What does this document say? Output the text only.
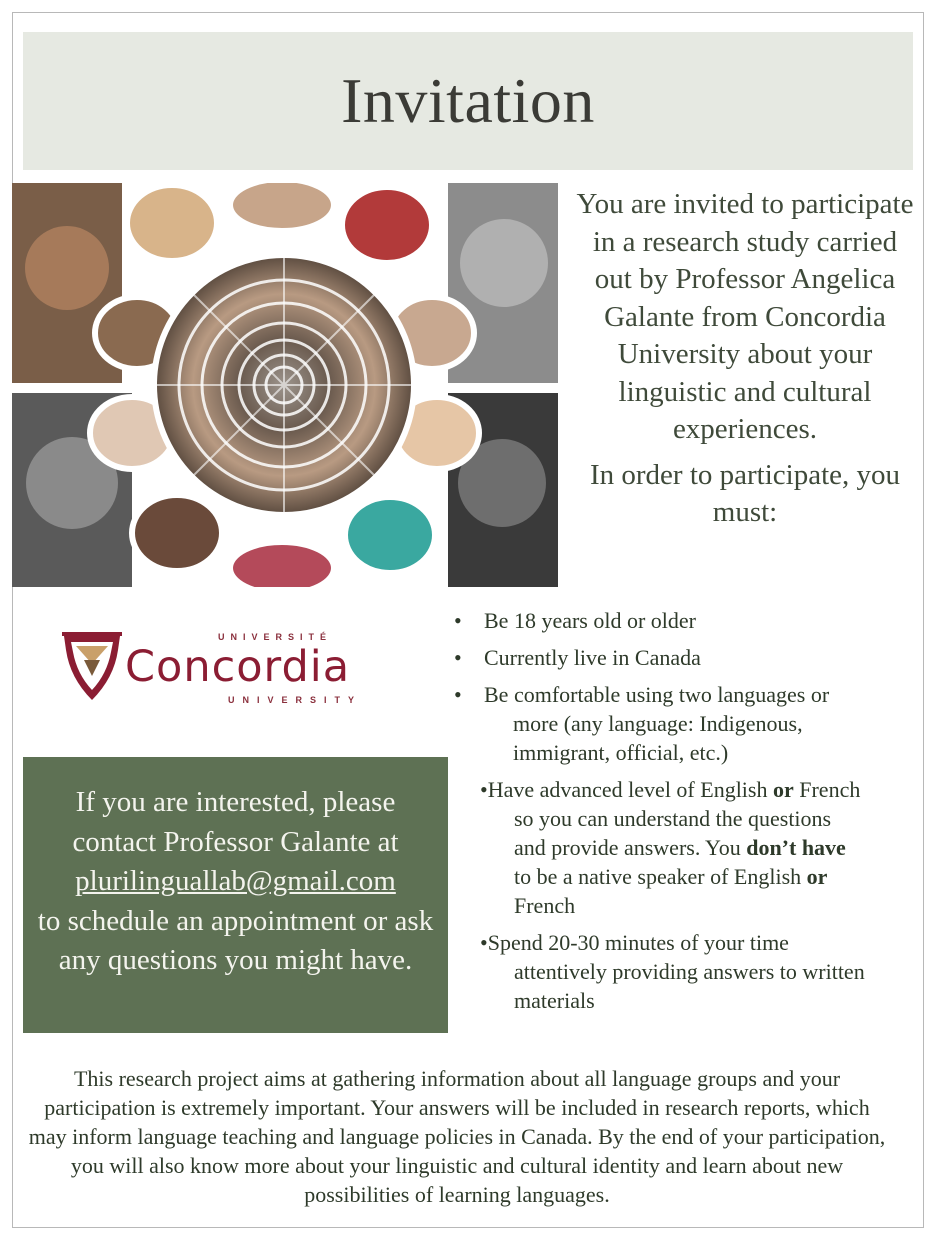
Invitation

You are invited to participate in a research study carried out by Professor Angelica Galante from Concordia University about your linguistic and cultural experiences.

In order to participate, you must:

UNIVERSITÉ
Concordia
UNIVERSITY
If you are interested, please contact Professor Galante at
plurilinguallab@gmail.com
to schedule an appointment or ask any questions you might have.
• Be 18 years old or older
• Currently live in Canada
• Be comfortable using two languages or
more (any language: Indigenous,
immigrant, official, etc.)
•Have advanced level of English or French
so you can understand the questions
and provide answers. You don’t have
to be a native speaker of English or
French
•Spend 20-30 minutes of your time
attentively providing answers to written
materials

This research project aims at gathering information about all language groups and your participation is extremely important. Your answers will be included in research reports, which may inform language teaching and language policies in Canada. By the end of your participation, you will also know more about your linguistic and cultural identity and learn about new possibilities of learning languages.
